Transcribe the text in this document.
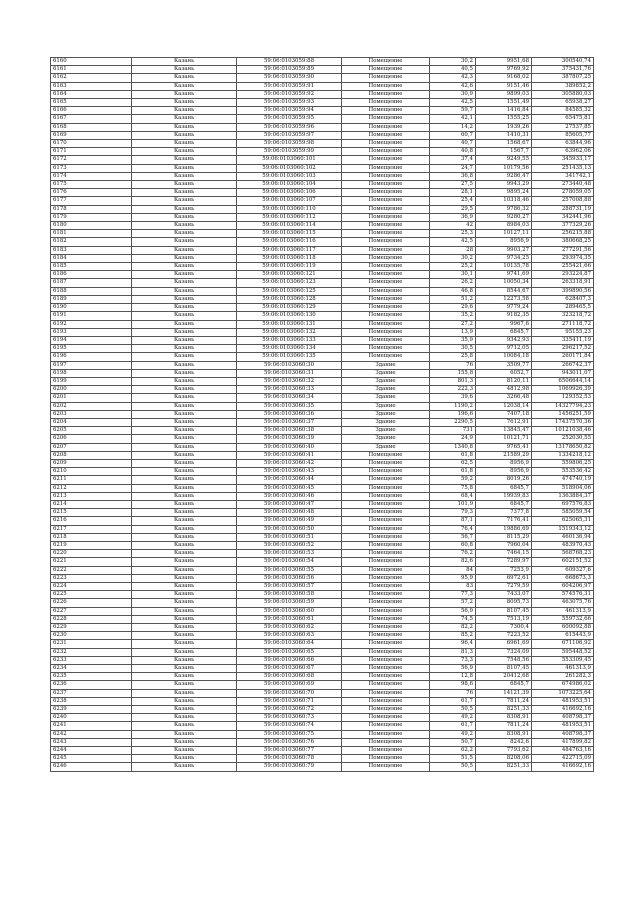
6160	Казань	59:06:0103059:88	Помещение	30,2	9951,68	300540,74
6161	Казань	59:06:0103059:89	Помещение	40,5	9769,92	375431,76
6162	Казань	59:06:0103059:90	Помещение	42,3	9168,02	387807,25
6163	Казань	59:06:0103059:91	Помещение	42,6	9151,46	389852,2
6164	Казань	59:06:0103059:92	Помещение	30,9	9899,03	305880,03
6165	Казань	59:06:0103059:93	Помещение	42,5	1551,49	65938,27
6166	Казань	59:06:0103059:94	Помещение	59,7	1416,84	84585,32
6167	Казань	59:06:0103059:95	Помещение	42,1	1555,25	65475,81
6168	Казань	59:06:0103059:96	Помещение	14,2	1939,26	27537,85
6169	Казань	59:06:0103059:97	Помещение	60,7	1410,31	85605,77
6170	Казань	59:06:0103059:98	Помещение	40,7	1568,67	63844,96
6171	Казань	59:06:0103059:99	Помещение	40,8	1567,7	63962,06
6172	Казань	59:06:0103060:101	Помещение	37,4	9249,55	345933,17
6173	Казань	59:06:0103060:102	Помещение	24,7	10179,56	251435,13
6174	Казань	59:06:0103060:103	Помещение	36,8	9286,47	341742,1
6175	Казань	59:06:0103060:104	Помещение	27,5	9943,29	273440,48
6176	Казань	59:06:0103060:106	Помещение	28,1	9895,24	278059,05
6177	Казань	59:06:0103060:107	Помещение	25,4	10318,46	257008,88
6178	Казань	59:06:0103060:110	Помещение	29,5	9786,32	288731,19
6179	Казань	59:06:0103060:112	Помещение	36,9	9280,27	342441,96
6180	Казань	59:06:0103060:114	Помещение	42	8984,03	377329,26
6181	Казань	59:06:0103060:115	Помещение	25,3	10127,11	256215,88
6182	Казань	59:06:0103060:116	Помещение	42,5	8956,9	380668,25
6183	Казань	59:06:0103060:117	Помещение	28	9903,27	277291,56
6184	Казань	59:06:0103060:118	Помещение	30,2	9734,25	293974,35
6185	Казань	59:06:0103060:119	Помещение	25,2	10135,78	255421,66
6186	Казань	59:06:0103060:121	Помещение	30,1	9741,69	293224,87
6187	Казань	59:06:0103060:123	Помещение	26,2	10050,34	263318,91
6188	Казань	59:06:0103060:125	Помещение	46,8	8544,67	399890,56
6189	Казань	59:06:0103060:128	Помещение	51,2	12273,58	628407,3
6190	Казань	59:06:0103060:129	Помещение	29,6	9779,24	289465,5
6191	Казань	59:06:0103060:130	Помещение	35,2	9182,35	323218,72
6192	Казань	59:06:0103060:131	Помещение	27,2	9967,6	271118,72
6193	Казань	59:06:0103060:132	Помещение	13,9	6845,7	95155,23
6194	Казань	59:06:0103060:133	Помещение	35,9	9342,93	335411,19
6195	Казань	59:06:0103060:134	Помещение	30,5	9712,05	296217,52
6196	Казань	59:06:0103060:135	Помещение	25,8	10084,18	260171,84
6197	Казань	59:06:0103060:30	Здание	76	3509,77	266742,37
6198	Казань	59:06:0103060:31	Здание	155,8	6052,7	943011,07
6199	Казань	59:06:0103060:32	Здание	801,3	8120,11	6506644,14
6200	Казань	59:06:0103060:33	Здание	222,3	4812,98	1069926,39
6201	Казань	59:06:0103060:34	Здание	39,6	3266,48	129352,53
6202	Казань	59:06:0103060:35	Здание	1190,2	12038,14	14327794,23
6203	Казань	59:06:0103060:36	Здание	196,6	7407,18	1456251,59
6204	Казань	59:06:0103060:37	Здание	2290,5	7612,91	17437570,36
6205	Казань	59:06:0103060:38	Здание	731	13845,47	10121038,46
6206	Казань	59:06:0103060:39	Здание	24,9	10121,71	252030,55
6207	Казань	59:06:0103060:40	Здание	1340,8	9765,41	13178650,82
6208	Казань	59:06:0103060:41	Помещение	61,8	21589,29	1334218,12
6209	Казань	59:06:0103060:42	Помещение	62,5	8956,9	559806,25
6210	Казань	59:06:0103060:43	Помещение	61,8	8956,9	553536,42
6211	Казань	59:06:0103060:44	Помещение	59,2	8019,26	474740,19
6212	Казань	59:06:0103060:45	Помещение	75,8	6845,7	518904,06
6213	Казань	59:06:0103060:46	Помещение	68,4	19939,83	1363884,37
6214	Казань	59:06:0103060:47	Помещение	101,9	6845,7	697576,83
6215	Казань	59:06:0103060:48	Помещение	79,3	7377,8	585059,54
6216	Казань	59:06:0103060:49	Помещение	87,1	7176,41	625065,31
6217	Казань	59:06:0103060:50	Помещение	76,4	19886,69	1519343,12
6218	Казань	59:06:0103060:51	Помещение	56,7	8115,29	460136,94
6219	Казань	59:06:0103060:52	Помещение	60,8	7960,04	483970,43
6220	Казань	59:06:0103060:53	Помещение	76,2	7464,15	568768,23
6221	Казань	59:06:0103060:54	Помещение	82,6	7289,97	602151,52
6222	Казань	59:06:0103060:55	Помещение	84	7253,9	609327,6
6223	Казань	59:06:0103060:56	Помещение	95,9	6972,61	668673,3
6224	Казань	59:06:0103060:57	Помещение	83	7279,59	604206,97
6225	Казань	59:06:0103060:58	Помещение	77,3	7433,07	574576,31
6226	Казань	59:06:0103060:59	Помещение	57,2	8095,73	463075,76
6227	Казань	59:06:0103060:60	Помещение	56,9	8107,45	461313,9
6228	Казань	59:06:0103060:61	Помещение	74,5	7513,19	559732,66
6229	Казань	59:06:0103060:62	Помещение	82,2	7300,4	600092,88
6230	Казань	59:06:0103060:63	Помещение	85,2	7223,52	615443,9
6231	Казань	59:06:0103060:64	Помещение	96,4	6961,69	671106,92
6232	Казань	59:06:0103060:65	Помещение	81,3	7324,09	595448,52
6233	Казань	59:06:0103060:66	Помещение	73,3	7548,56	553309,45
6234	Казань	59:06:0103060:67	Помещение	56,9	8107,45	461313,9
6235	Казань	59:06:0103060:68	Помещение	12,8	20412,68	261282,3
6236	Казань	59:06:0103060:69	Помещение	98,6	6845,7	674986,02
6237	Казань	59:06:0103060:70	Помещение	76	14121,39	1073225,64
6238	Казань	59:06:0103060:71	Помещение	61,7	7811,24	481953,51
6239	Казань	59:06:0103060:72	Помещение	50,5	8251,33	416692,16
6240	Казань	59:06:0103060:73	Помещение	49,2	8308,91	408798,37
6241	Казань	59:06:0103060:74	Помещение	61,7	7811,24	481953,51
6242	Казань	59:06:0103060:75	Помещение	49,2	8308,91	408798,37
6243	Казань	59:06:0103060:76	Помещение	50,7	8242,6	417899,82
6244	Казань	59:06:0103060:77	Помещение	62,2	7793,62	484763,16
6245	Казань	59:06:0103060:78	Помещение	51,5	8208,06	422715,09
6246	Казань	59:06:0103060:79	Помещение	50,5	8251,33	416692,16
